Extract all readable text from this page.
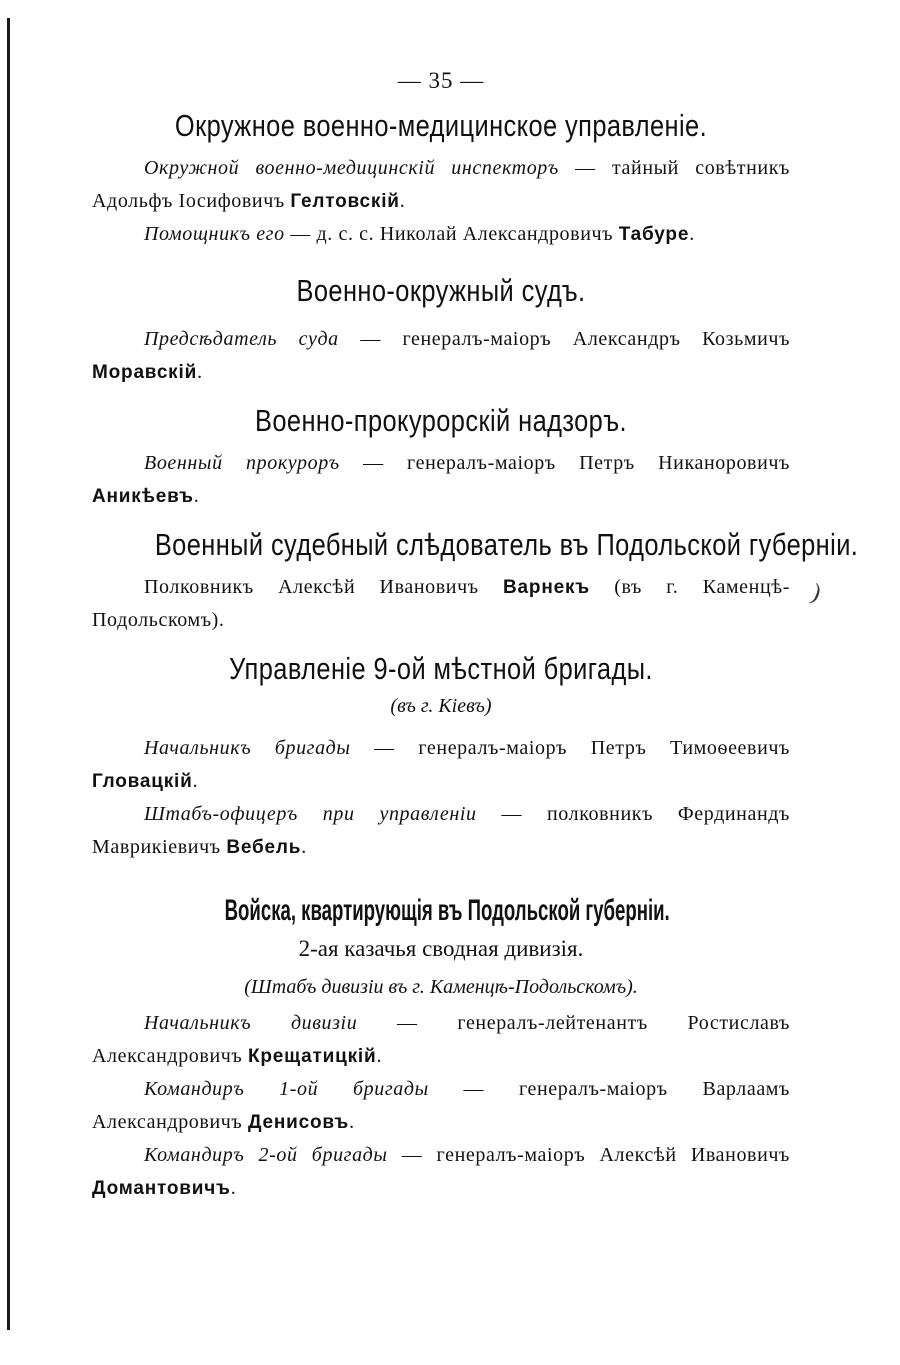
)
— 35 —
Окружное военно-медицинское управленіе.

Окружной военно-медицинскій инспекторъ — тайный совѣтникъ Адольфъ Іосифовичъ Гелтовскій.

Помощникъ его — д. с. с. Николай Александровичъ Табуре.

Военно-окружный судъ.

Предсѣдатель суда — генералъ-маіоръ Александръ Козьмичъ Моравскій.

Военно-прокурорскій надзоръ.

Военный прокуроръ — генералъ-маіоръ Петръ Никаноровичъ Аникѣевъ.

Военный судебный слѣдователь въ Подольской губерніи.

Полковникъ Алексѣй Ивановичъ Варнекъ (въ г. Каменцѣ-Подольскомъ).

Управленіе 9-ой мѣстной бригады.

(въ г. Кіевъ)

Начальникъ бригады — генералъ-маіоръ Петръ Тимоѳеевичъ Гловацкій.

Штабъ-офицеръ при управленіи — полковникъ Фердинандъ Маврикіевичъ Вебель.

Войска, квартирующія въ Подольской губерніи.

2-ая казачья сводная дивизія.

(Штабъ дивизіи въ г. Каменцѣ-Подольскомъ).

Начальникъ дивизіи — генералъ-лейтенантъ Ростиславъ Александровичъ Крещатицкій.

Командиръ 1-ой бригады — генералъ-маіоръ Варлаамъ Александровичъ Денисовъ.

Командиръ 2-ой бригады — генералъ-маіоръ Алексѣй Ивановичъ Домантовичъ.
